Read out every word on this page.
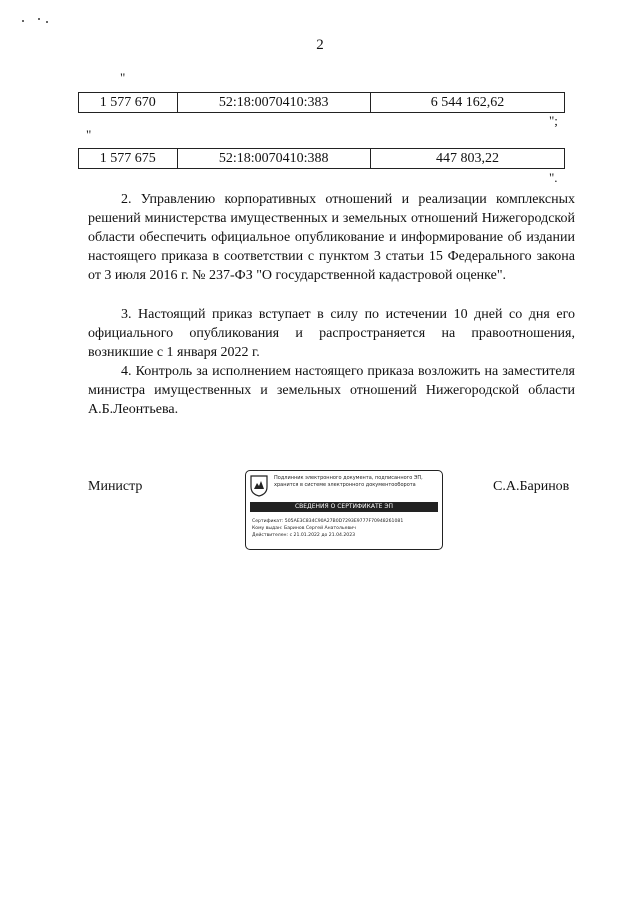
2
"
1 577 670	52:18:0070410:383	6 544 162,62
";
"
1 577 675	52:18:0070410:388	447 803,22
".
2. Управлению корпоративных отношений и реализации комплексных решений министерства имущественных и земельных отношений Нижегородской области обеспечить официальное опубликование и информирование об издании настоящего приказа в соответствии с пунктом 3 статьи 15 Федерального закона от 3 июля 2016 г. № 237-ФЗ "О государственной кадастровой оценке".
3. Настоящий приказ вступает в силу по истечении 10 дней со дня его официального опубликования и распространяется на правоотношения, возникшие с 1 января 2022 г.
4. Контроль за исполнением настоящего приказа возложить на заместителя министра имущественных и земельных отношений Нижегородской области А.Б.Леонтьева.
Министр
Подлинник электронного документа, подписанного ЭП,
хранится в системе электронного документооборота
СВЕДЕНИЯ О СЕРТИФИКАТЕ ЭП
Сертификат: 505AE3C834C90A27B0D7293E9777F70948261081
Кому выдан: Баринов Сергей Анатольевич
Действителен: с 21.01.2022 до 21.04.2023
С.А.Баринов
